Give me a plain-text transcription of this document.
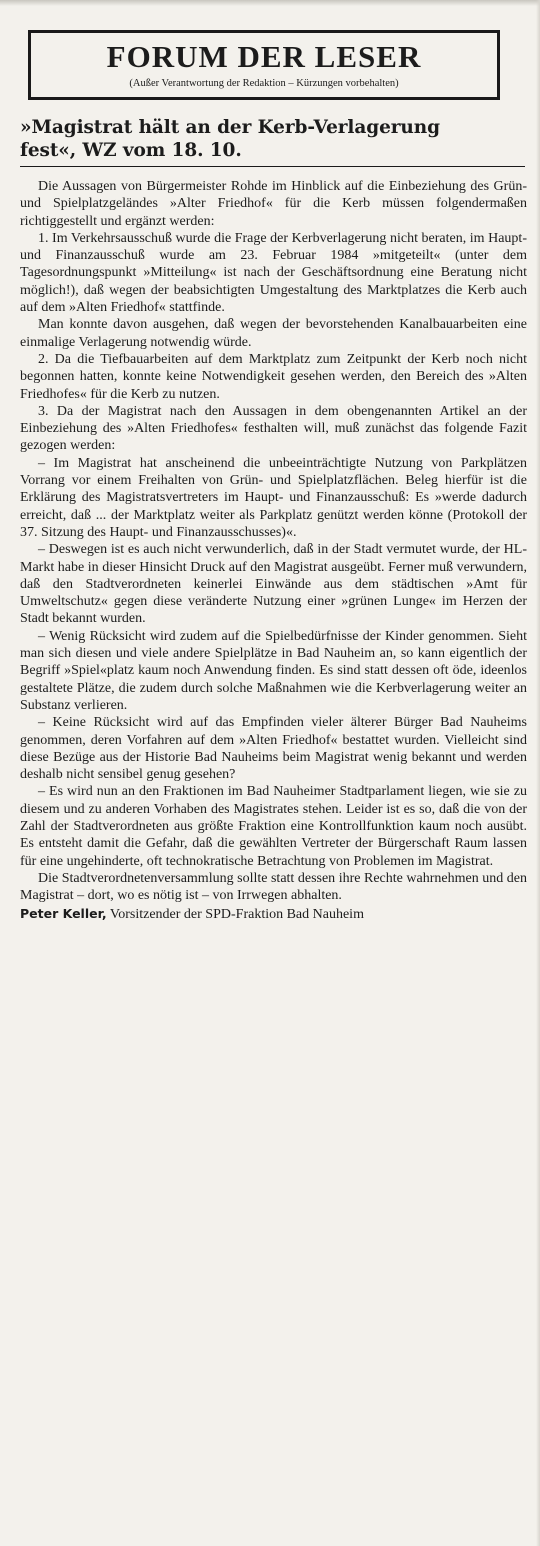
FORUM DER LESER
(Außer Verantwortung der Redaktion – Kürzungen vorbehalten)
»Magistrat hält an der Kerb-Verlagerung
fest«, WZ vom 18. 10.

Die Aussagen von Bürgermeister Rohde im Hinblick auf die Einbeziehung des Grün- und Spielplatzgeländes »Alter Friedhof« für die Kerb müssen folgendermaßen richtiggestellt und ergänzt werden:

1. Im Verkehrsausschuß wurde die Frage der Kerbverlagerung nicht beraten, im Haupt- und Finanzausschuß wurde am 23. Februar 1984 »mitgeteilt« (unter dem Tagesordnungspunkt »Mitteilung« ist nach der Geschäftsordnung eine Beratung nicht möglich!), daß wegen der beabsichtigten Umgestaltung des Marktplatzes die Kerb auch auf dem »Alten Friedhof« stattfinde.

Man konnte davon ausgehen, daß wegen der bevorstehenden Kanalbauarbeiten eine einmalige Verlagerung notwendig würde.

2. Da die Tiefbauarbeiten auf dem Marktplatz zum Zeitpunkt der Kerb noch nicht begonnen hatten, konnte keine Notwendigkeit gesehen werden, den Bereich des »Alten Friedhofes« für die Kerb zu nutzen.

3. Da der Magistrat nach den Aussagen in dem obengenannten Artikel an der Einbeziehung des »Alten Friedhofes« festhalten will, muß zunächst das folgende Fazit gezogen werden:

– Im Magistrat hat anscheinend die unbeeinträchtigte Nutzung von Parkplätzen Vorrang vor einem Freihalten von Grün- und Spielplatzflächen. Beleg hierfür ist die Erklärung des Magistratsvertreters im Haupt- und Finanzausschuß: Es »werde dadurch erreicht, daß ... der Marktplatz weiter als Parkplatz genützt werden könne (Protokoll der 37. Sitzung des Haupt- und Finanzausschusses)«.

– Deswegen ist es auch nicht verwunderlich, daß in der Stadt vermutet wurde, der HL-Markt habe in dieser Hinsicht Druck auf den Magistrat ausgeübt. Ferner muß verwundern, daß den Stadtverordneten keinerlei Einwände aus dem städtischen »Amt für Umweltschutz« gegen diese veränderte Nutzung einer »grünen Lunge« im Herzen der Stadt bekannt wurden.

– Wenig Rücksicht wird zudem auf die Spielbedürfnisse der Kinder genommen. Sieht man sich diesen und viele andere Spielplätze in Bad Nauheim an, so kann eigentlich der Begriff »Spiel«platz kaum noch Anwendung finden. Es sind statt dessen oft öde, ideenlos gestaltete Plätze, die zudem durch solche Maßnahmen wie die Kerbverlagerung weiter an Substanz verlieren.

– Keine Rücksicht wird auf das Empfinden vieler älterer Bürger Bad Nauheims genommen, deren Vorfahren auf dem »Alten Friedhof« bestattet wurden. Vielleicht sind diese Bezüge aus der Historie Bad Nauheims beim Magistrat wenig bekannt und werden deshalb nicht sensibel genug gesehen?

– Es wird nun an den Fraktionen im Bad Nauheimer Stadtparlament liegen, wie sie zu diesem und zu anderen Vorhaben des Magistrates stehen. Leider ist es so, daß die von der Zahl der Stadtverordneten aus größte Fraktion eine Kontrollfunktion kaum noch ausübt. Es entsteht damit die Gefahr, daß die gewählten Vertreter der Bürgerschaft Raum lassen für eine ungehinderte, oft technokratische Betrachtung von Problemen im Magistrat.

Die Stadtverordnetenversammlung sollte statt dessen ihre Rechte wahrnehmen und den Magistrat – dort, wo es nötig ist – von Irrwegen abhalten.

Peter Keller, Vorsitzender der SPD-Fraktion Bad Nauheim
